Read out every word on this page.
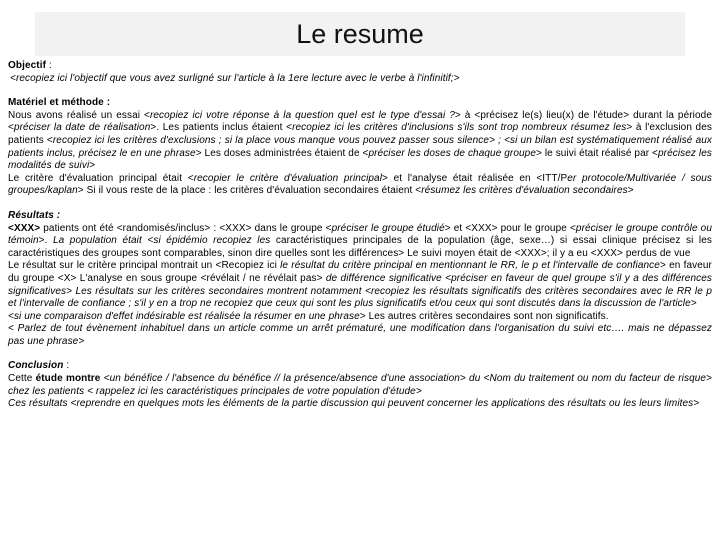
Le resume

Objectif :

<recopiez ici l'objectif que vous avez surligné sur l'article à la 1ere lecture avec le verbe à l'infinitif;>

Matériel et méthode :

Nous avons réalisé un essai <recopiez ici votre réponse à la question quel est le type d'essai ?> à <précisez le(s) lieu(x) de l'étude> durant la période <préciser la date de réalisation>. Les patients inclus étaient <recopiez ici les critères d'inclusions s'ils sont trop nombreux résumez les> à l'exclusion des patients <recopiez ici les critères d'exclusions ; si la place vous manque vous pouvez passer sous silence> ; <si un bilan est systématiquement réalisé aux patients inclus, précisez le en une phrase> Les doses administrées étaient de <préciser les doses de chaque groupe> le suivi était réalisé par <précisez les modalités de suivi>

Le critère d'évaluation principal était <recopier le critère d'évaluation principal> et l'analyse était réalisée en <ITT/Per protocole/Multivariée / sous groupes/kaplan> Si il vous reste de la place : les critères d'évaluation secondaires étaient <résumez les critères d'évaluation secondaires>

Résultats :

<XXX> patients ont été <randomisés/inclus> : <XXX> dans le groupe <préciser le groupe étudié> et <XXX> pour le groupe <préciser le groupe contrôle ou témoin>. La population était <si épidémio recopiez les caractéristiques principales de la population (âge, sexe…) si essai clinique précisez si les caractéristiques des groupes sont comparables, sinon dire quelles sont les différences> Le suivi moyen était de <XXX>; il y a eu <XXX> perdus de vue

Le résultat sur le critère principal montrait un <Recopiez ici le résultat du critère principal en mentionnant le RR, le p et l'intervalle de confiance> en faveur du groupe <X> L'analyse en sous groupe <révélait / ne révélait pas> de différence significative <préciser en faveur de quel groupe s'il y a des différences significatives> Les résultats sur les critères secondaires montrent notamment <recopiez les résultats significatifs des critères secondaires avec le RR le p et l'intervalle de confiance ; s'il y en a trop ne recopiez que ceux qui sont les plus significatifs et/ou ceux qui sont discutés dans la discussion de l'article>

<si une comparaison d'effet indésirable est réalisée la résumer en une phrase> Les autres critères secondaires sont non significatifs.

< Parlez de tout évènement inhabituel dans un article comme un arrêt prématuré, une modification dans l'organisation du suivi etc…. mais ne dépassez pas une phrase>

Conclusion :

Cette étude montre <un bénéfice / l'absence du bénéfice // la présence/absence d'une association> du <Nom du traitement ou nom du facteur de risque> chez les patients < rappelez ici les caractéristiques principales de votre population d'étude>

Ces résultats <reprendre en quelques mots les éléments de la partie discussion qui peuvent concerner les applications des résultats ou les leurs limites>
